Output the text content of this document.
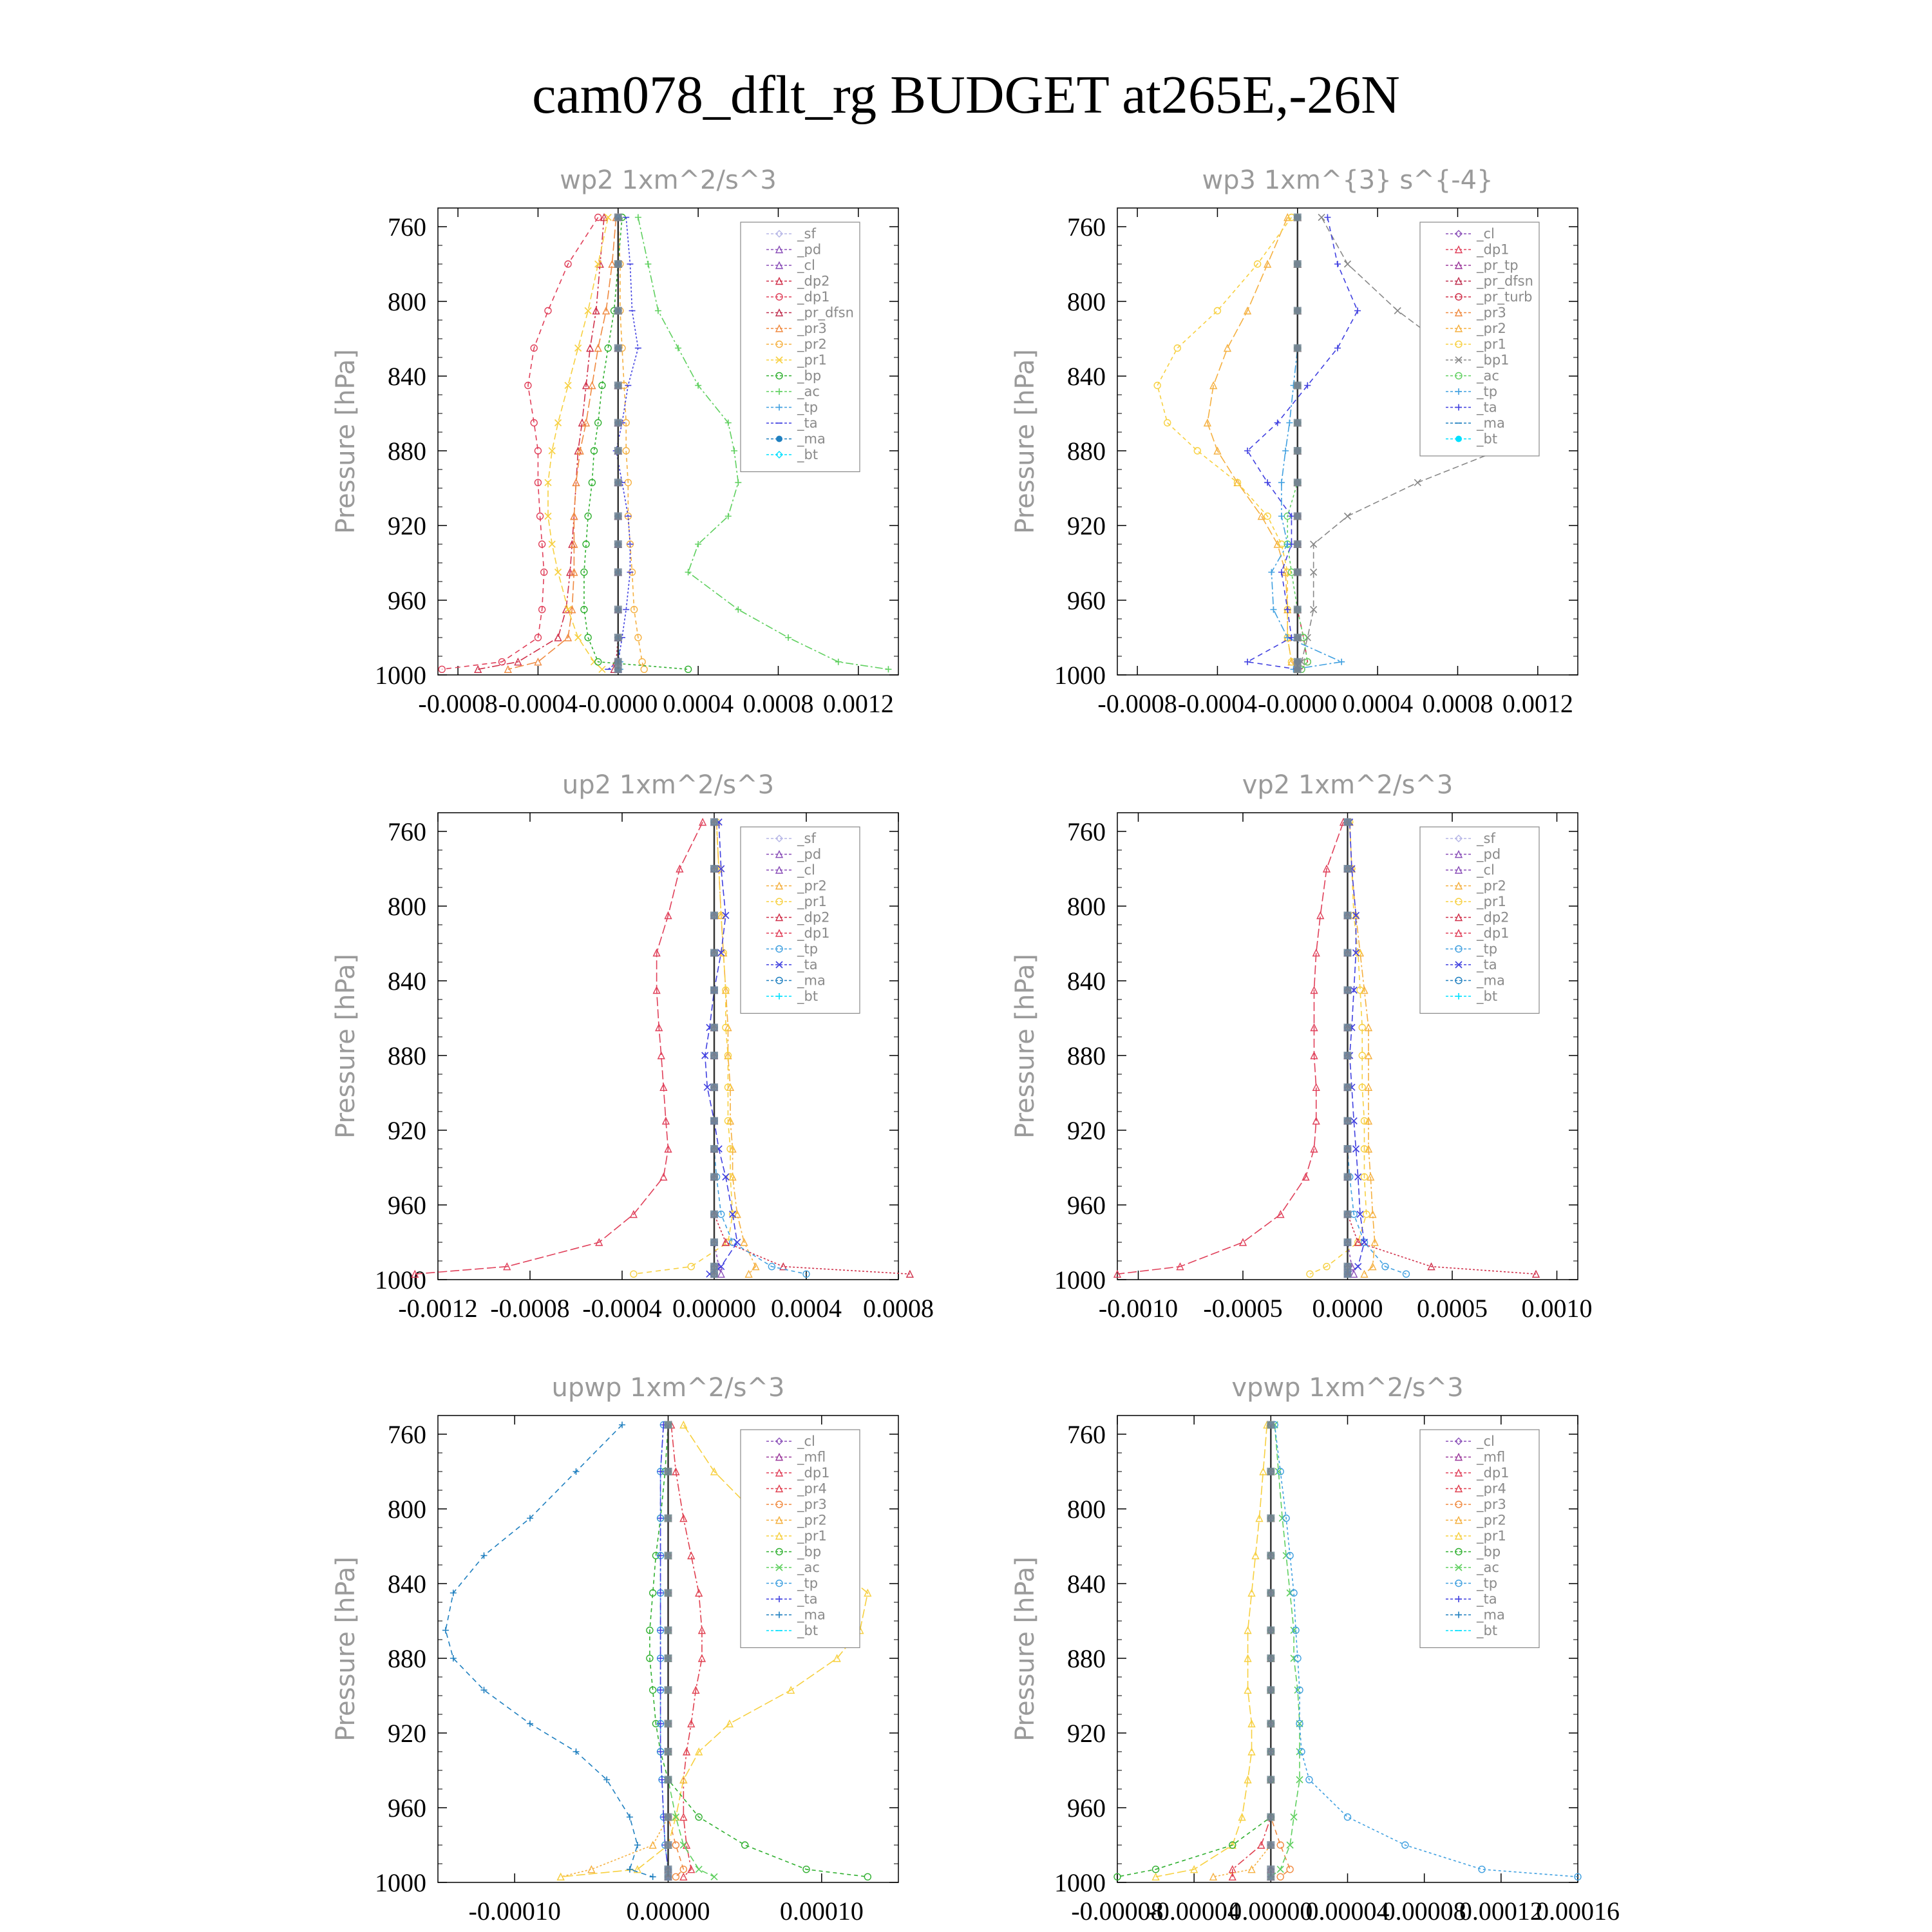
cam078_dflt_rg BUDGET at265E,-26N
wp2 1xm^2/s^3
Pressure [hPa]
760
800
840
880
920
960
1000
-0.0008 -0.0004 -0.0000 0.0004 0.0008 0.0012
_sf
_pd
_cl
_dp2
_dp1
_pr_dfsn
_pr3
_pr2
_pr1
_bp
_ac
_tp
_ta
_ma
_bt
wp3 1xm^{3} s^{-4}
Pressure [hPa]
760
800
840
880
920
960
1000
-0.0008 -0.0004 -0.0000 0.0004 0.0008 0.0012
_cl
_dp1
_pr_tp
_pr_dfsn
_pr_turb
_pr3
_pr2
_pr1
_bp1
_ac
_tp
_ta
_ma
_bt
up2 1xm^2/s^3
Pressure [hPa]
760
800
840
880
920
960
1000
-0.0012 -0.0008 -0.0004 0.00000 0.0004 0.0008
_sf
_pd
_cl
_pr2
_pr1
_dp2
_dp1
_tp
_ta
_ma
_bt
vp2 1xm^2/s^3
Pressure [hPa]
760
800
840
880
920
960
1000
-0.0010 -0.0005 0.0000 0.0005 0.0010
_sf
_pd
_cl
_pr2
_pr1
_dp2
_dp1
_tp
_ta
_ma
_bt
upwp 1xm^2/s^3
Pressure [hPa]
760
800
840
880
920
960
1000
-0.00010	0.00000	0.00010
_cl
_mfl
_dp1
_pr4
_pr3
_pr2
_pr1
_bp
_ac
_tp
_ta
_ma
_bt
vpwp 1xm^2/s^3
Pressure [hPa]
760
800
840
880
920
960
1000
-0.00008
-0.00004
0.00000
0.00004
0.00008
0.00012
0.00016
_cl
_mfl
_dp1
_pr4
_pr3
_pr2
_pr1
_bp
_ac
_tp
_ta
_ma
_bt
